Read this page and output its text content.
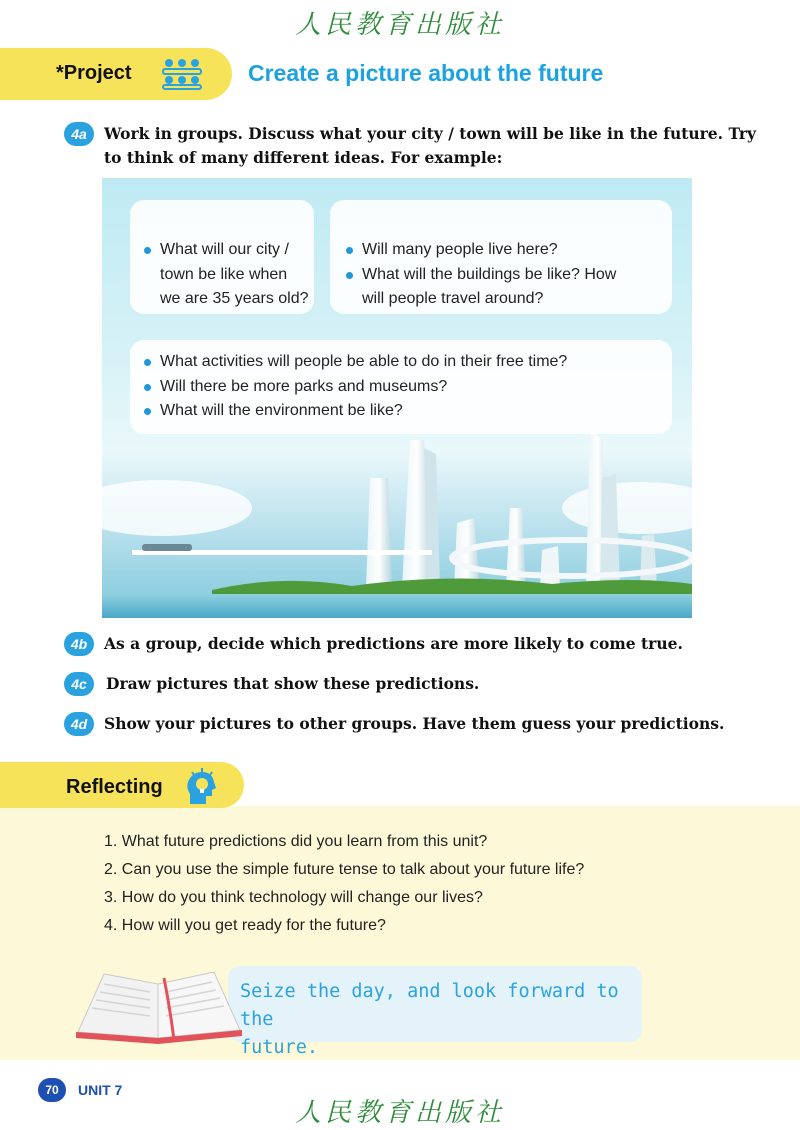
人民教育出版社
*Project	Create a picture about the future
4a	Work in groups. Discuss what your city / town will be like in the future. Try
to think of many different ideas. For example:
What will our city /
town be like when
we are 35 years old?
Will many people live here?
What will the buildings be like? How
will people travel around?
What activities will people be able to do in their free time?
Will there be more parks and museums?
What will the environment be like?
4b	As a group, decide which predictions are more likely to come true.
4c	Draw pictures that show these predictions.
4d	Show your pictures to other groups. Have them guess your predictions.
Reflecting
1. What future predictions did you learn from this unit?
2. Can you use the simple future tense to talk about your future life?
3. How do you think technology will change our lives?
4. How will you get ready for the future?
Seize the day, and look forward to the
future.
70	UNIT 7
人民教育出版社
